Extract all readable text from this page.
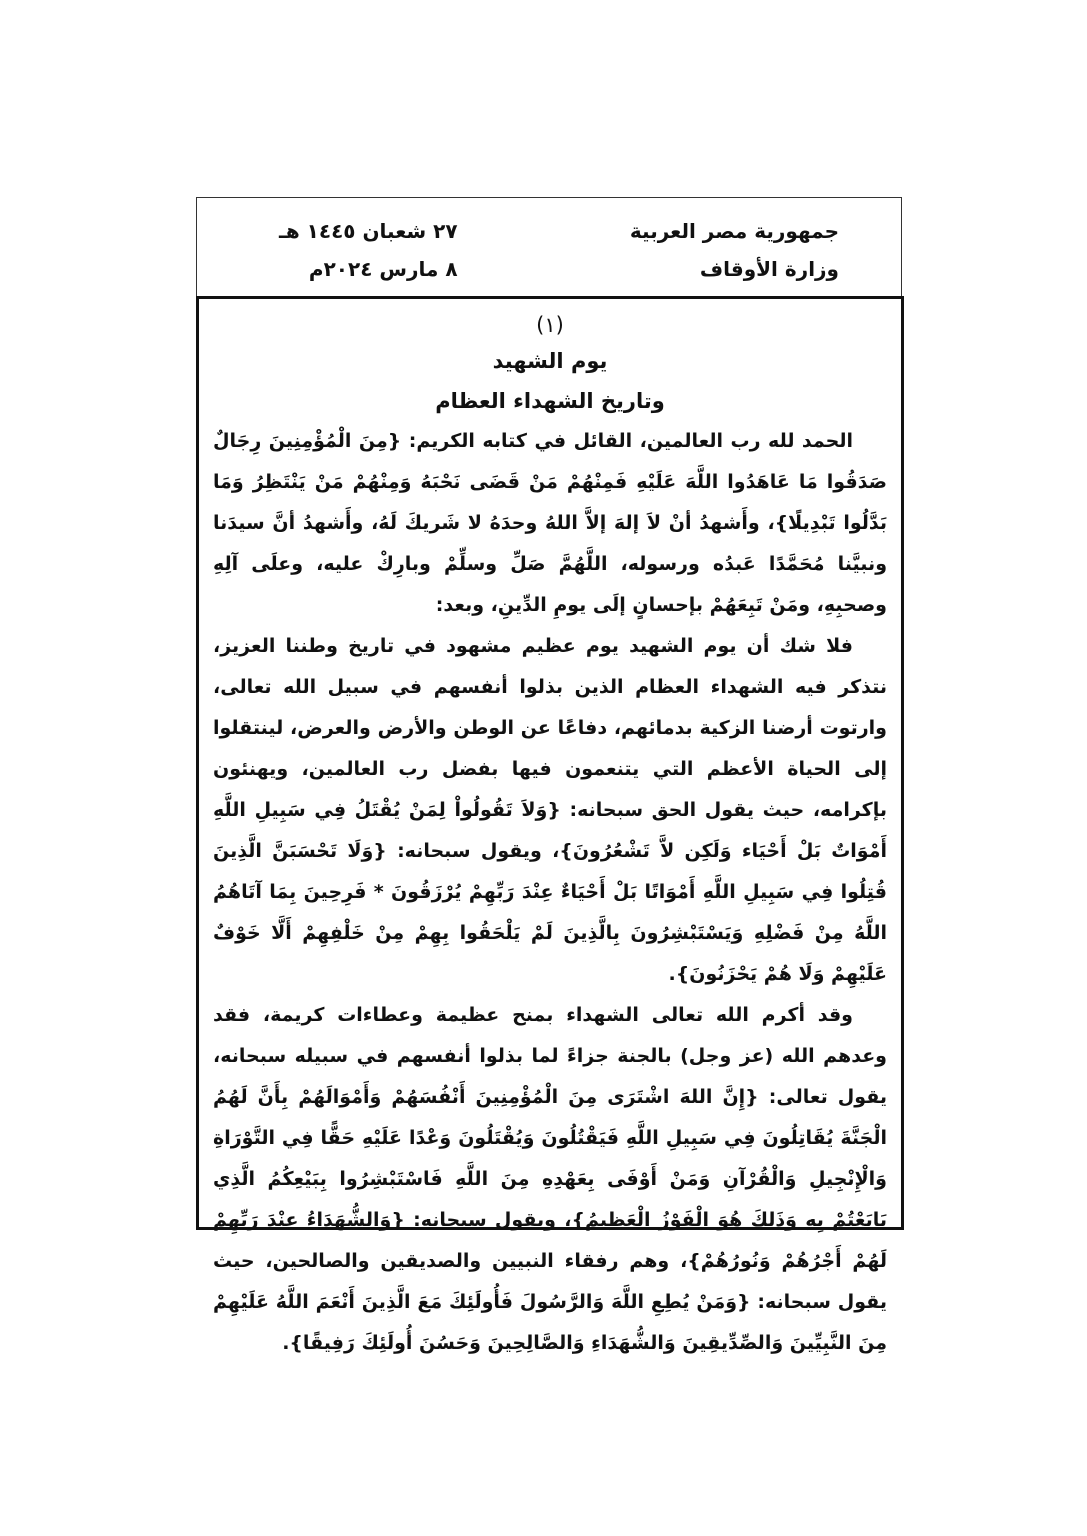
جمهورية مصر العربية
وزارة الأوقاف
٢٧ شعبان ١٤٤٥ هـ
٨ مارس ٢٠٢٤م
(١)
يوم الشهيد
وتاريخ الشهداء العظام

الحمد لله رب العالمين، القائل في كتابه الكريم: {مِنَ الْمُؤْمِنِينَ رِجَالٌ صَدَقُوا مَا عَاهَدُوا اللَّهَ عَلَيْهِ فَمِنْهُمْ مَنْ قَضَى نَحْبَهُ وَمِنْهُمْ مَنْ يَنْتَظِرُ وَمَا بَدَّلُوا تَبْدِيلًا}، وأَشهدُ أنْ لاَ إلهَ إلاَّ اللهُ وحدَهُ لا شَريكَ لَهُ، وأَشهدُ أنَّ سيدَنا ونبيَّنا مُحَمَّدًا عَبدُه ورسوله، اللَّهُمَّ صَلِّ وسلِّمْ وبارِكْ عليه، وعلَى آلِهِ وصحبِهِ، ومَنْ تَبِعَهُمْ بإحسانٍ إلَى يومِ الدِّينِ، وبعد:

فلا شك أن يوم الشهيد يوم عظيم مشهود في تاريخ وطننا العزيز، نتذكر فيه الشهداء العظام الذين بذلوا أنفسهم في سبيل الله تعالى، وارتوت أرضنا الزكية بدمائهم، دفاعًا عن الوطن والأرض والعرض، لينتقلوا إلى الحياة الأعظم التي يتنعمون فيها بفضل رب العالمين، ويهنئون بإكرامه، حيث يقول الحق سبحانه: {وَلاَ تَقُولُواْ لِمَنْ يُقْتَلُ فِي سَبِيلِ اللَّهِ أَمْوَاتٌ بَلْ أَحْيَاء وَلَكِن لاَّ تَشْعُرُونَ}، ويقول سبحانه: {وَلَا تَحْسَبَنَّ الَّذِينَ قُتِلُوا فِي سَبِيلِ اللَّهِ أَمْوَاتًا بَلْ أَحْيَاءٌ عِنْدَ رَبِّهِمْ يُرْزَقُونَ * فَرِحِينَ بِمَا آتَاهُمُ اللَّهُ مِنْ فَضْلِهِ وَيَسْتَبْشِرُونَ بِالَّذِينَ لَمْ يَلْحَقُوا بِهِمْ مِنْ خَلْفِهِمْ أَلَّا خَوْفٌ عَلَيْهِمْ وَلَا هُمْ يَحْزَنُونَ}.

وقد أكرم الله تعالى الشهداء بمنح عظيمة وعطاءات كريمة، فقد وعدهم الله (عز وجل) بالجنة جزاءً لما بذلوا أنفسهم في سبيله سبحانه، يقول تعالى: {إِنَّ اللهَ اشْتَرَى مِنَ الْمُؤْمِنِينَ أَنْفُسَهُمْ وَأَمْوَالَهُمْ بِأَنَّ لَهُمُ الْجَنَّةَ يُقَاتِلُونَ فِي سَبِيلِ اللَّهِ فَيَقْتُلُونَ وَيُقْتَلُونَ وَعْدًا عَلَيْهِ حَقًّا فِي التَّوْرَاةِ وَالْإِنْجِيلِ وَالْقُرْآنِ وَمَنْ أَوْفَى بِعَهْدِهِ مِنَ اللَّهِ فَاسْتَبْشِرُوا بِبَيْعِكُمُ الَّذِي بَايَعْتُمْ بِهِ وَذَلِكَ هُوَ الْفَوْزُ الْعَظِيمُ}، ويقول سبحانه: {وَالشُّهَدَاءُ عِنْدَ رَبِّهِمْ لَهُمْ أَجْرُهُمْ وَنُورُهُمْ}، وهم رفقاء النبيين والصديقين والصالحين، حيث يقول سبحانه: {وَمَنْ يُطِعِ اللَّهَ وَالرَّسُولَ فَأُولَئِكَ مَعَ الَّذِينَ أَنْعَمَ اللَّهُ عَلَيْهِمْ مِنَ النَّبِيِّينَ وَالصِّدِّيقِينَ وَالشُّهَدَاءِ وَالصَّالِحِينَ وَحَسُنَ أُولَئِكَ رَفِيقًا}.
